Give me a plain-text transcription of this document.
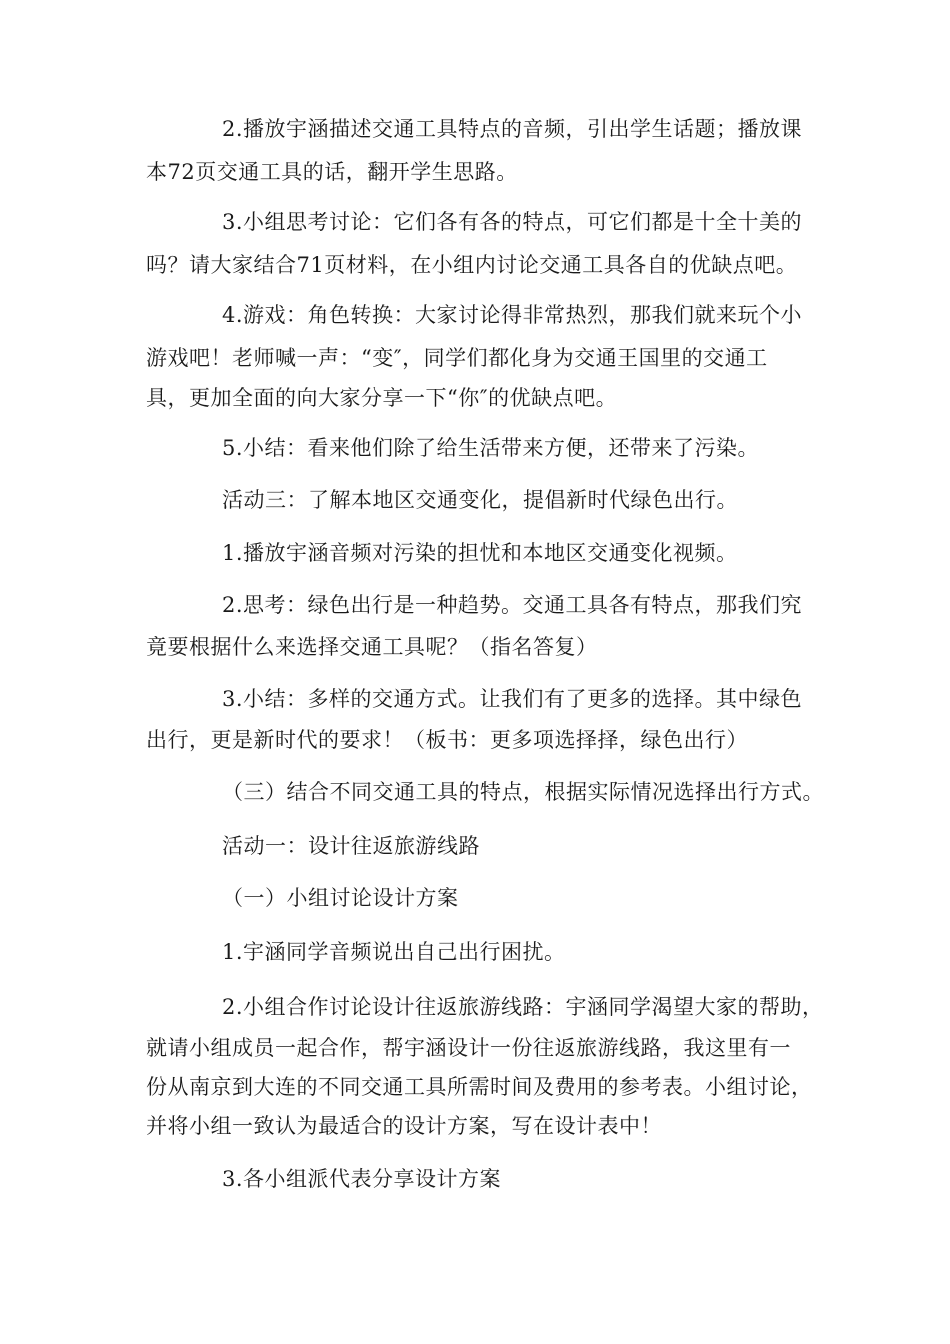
2.播放宇涵描述交通工具特点的音频，引出学生话题；播放课

本72页交通工具的话，翻开学生思路。

3.小组思考讨论：它们各有各的特点，可它们都是十全十美的

吗？请大家结合71页材料，在小组内讨论交通工具各自的优缺点吧。

4.游戏：角色转换：大家讨论得非常热烈，那我们就来玩个小

游戏吧！老师喊一声：“变″，同学们都化身为交通王国里的交通工

具，更加全面的向大家分享一下“你″的优缺点吧。

5.小结：看来他们除了给生活带来方便，还带来了污染。

活动三：了解本地区交通变化，提倡新时代绿色出行。

1.播放宇涵音频对污染的担忧和本地区交通变化视频。

2.思考：绿色出行是一种趋势。交通工具各有特点，那我们究

竟要根据什么来选择交通工具呢？（指名答复）

3.小结：多样的交通方式。让我们有了更多的选择。其中绿色

出行，更是新时代的要求！（板书：更多项选择择，绿色出行）

（三）结合不同交通工具的特点，根据实际情况选择出行方式。

活动一：设计往返旅游线路

（一）小组讨论设计方案

1.宇涵同学音频说出自己出行困扰。

2.小组合作讨论设计往返旅游线路：宇涵同学渴望大家的帮助，

就请小组成员一起合作，帮宇涵设计一份往返旅游线路，我这里有一

份从南京到大连的不同交通工具所需时间及费用的参考表。小组讨论，

并将小组一致认为最适合的设计方案，写在设计表中！

3.各小组派代表分享设计方案
